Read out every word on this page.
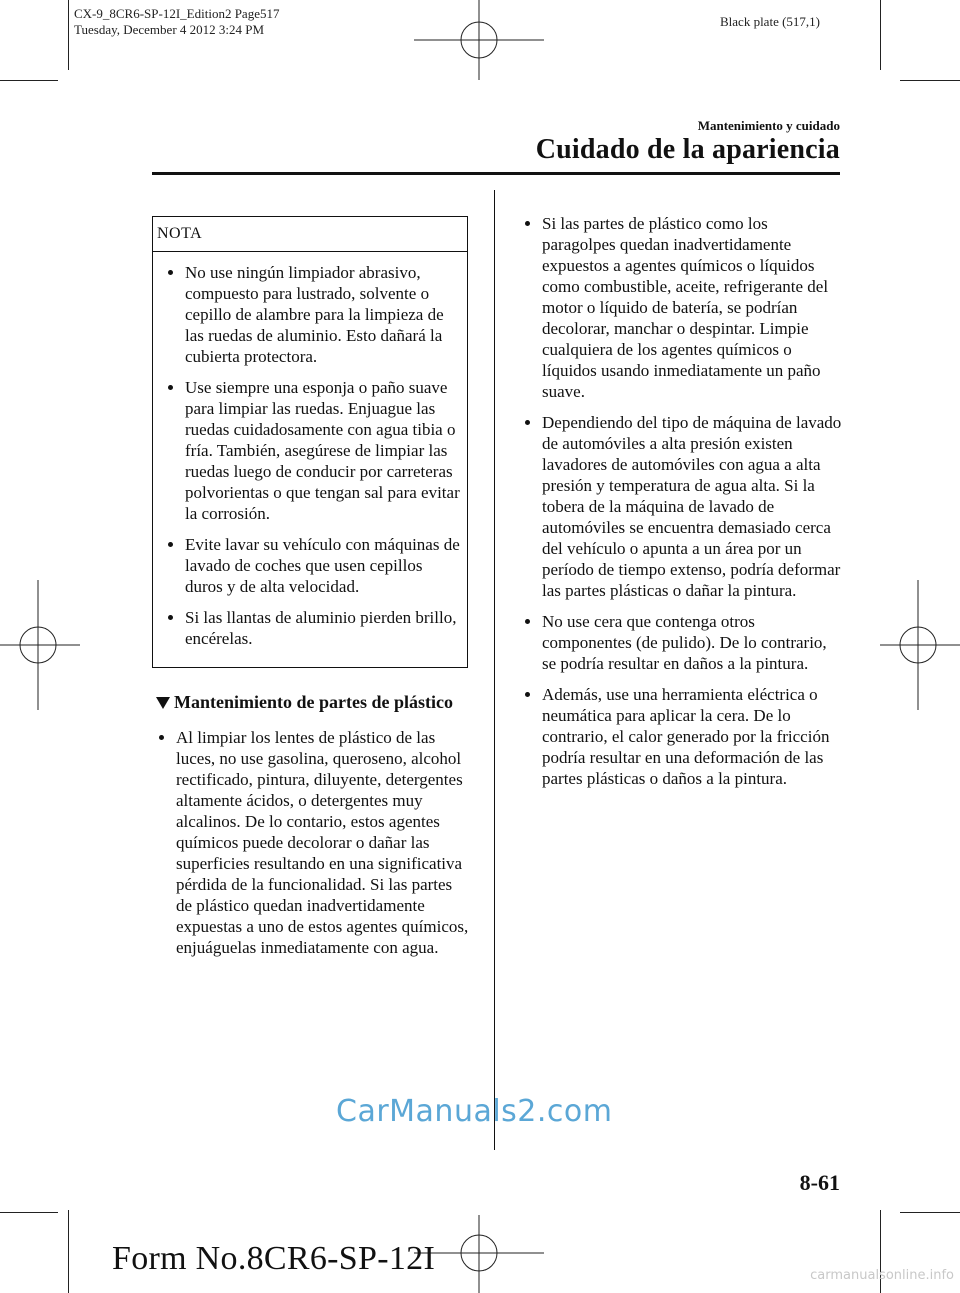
CX-9_8CR6-SP-12I_Edition2 Page517
Tuesday, December 4 2012 3:24 PM
Black plate (517,1)
Mantenimiento y cuidado
Cuidado de la apariencia
NOTA
No use ningún limpiador abrasivo, compuesto para lustrado, solvente o cepillo de alambre para la limpieza de las ruedas de aluminio. Esto dañará la cubierta protectora.
Use siempre una esponja o paño suave para limpiar las ruedas. Enjuague las ruedas cuidadosamente con agua tibia o fría. También, asegúrese de limpiar las ruedas luego de conducir por carreteras polvorientas o que tengan sal para evitar la corrosión.
Evite lavar su vehículo con máquinas de lavado de coches que usen cepillos duros y de alta velocidad.
Si las llantas de aluminio pierden brillo, encérelas.
Mantenimiento de partes de plástico
Al limpiar los lentes de plástico de las luces, no use gasolina, queroseno, alcohol rectificado, pintura, diluyente, detergentes altamente ácidos, o detergentes muy alcalinos. De lo contario, estos agentes químicos puede decolorar o dañar las superficies resultando en una significativa pérdida de la funcionalidad. Si las partes de plástico quedan inadvertidamente expuestas a uno de estos agentes químicos, enjuáguelas inmediatamente con agua.
Si las partes de plástico como los paragolpes quedan inadvertidamente expuestos a agentes químicos o líquidos como combustible, aceite, refrigerante del motor o líquido de batería, se podrían decolorar, manchar o despintar. Limpie cualquiera de los agentes químicos o líquidos usando inmediatamente un paño suave.
Dependiendo del tipo de máquina de lavado de automóviles a alta presión existen lavadores de automóviles con agua a alta presión y temperatura de agua alta. Si la tobera de la máquina de lavado de automóviles se encuentra demasiado cerca del vehículo o apunta a un área por un período de tiempo extenso, podría deformar las partes plásticas o dañar la pintura.
No use cera que contenga otros componentes (de pulido). De lo contrario, se podría resultar en daños a la pintura.
Además, use una herramienta eléctrica o neumática para aplicar la cera. De lo contrario, el calor generado por la fricción podría resultar en una deformación de las partes plásticas o daños a la pintura.
CarManuals2.com
8-61
Form No.8CR6-SP-12I	carmanualsonline.info
